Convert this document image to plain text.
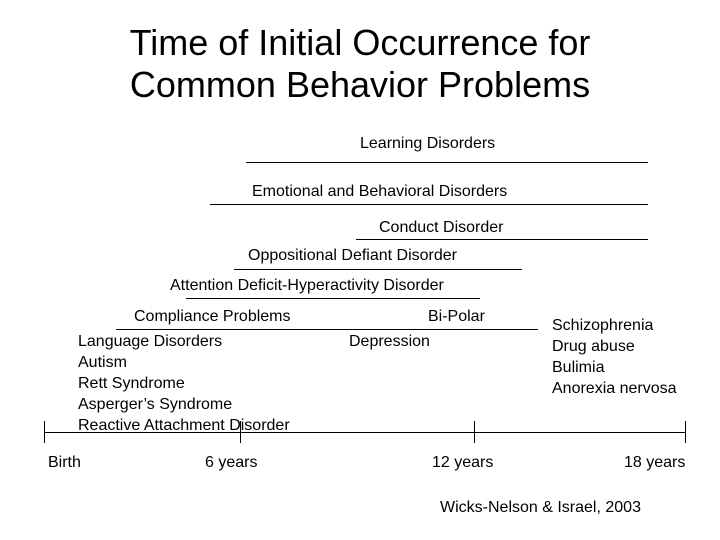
Time of Initial Occurrence for
Common Behavior Problems
Learning Disorders
Emotional and Behavioral Disorders
Conduct Disorder
Oppositional Defiant Disorder
Attention Deficit-Hyperactivity Disorder
Compliance Problems	Bi-Polar
Depression
Language Disorders
Autism
Rett Syndrome
Asperger’s Syndrome
Reactive Attachment Disorder
Schizophrenia
Drug abuse
Bulimia
Anorexia nervosa
Birth	6 years	12 years	18 years
Wicks-Nelson & Israel, 2003
